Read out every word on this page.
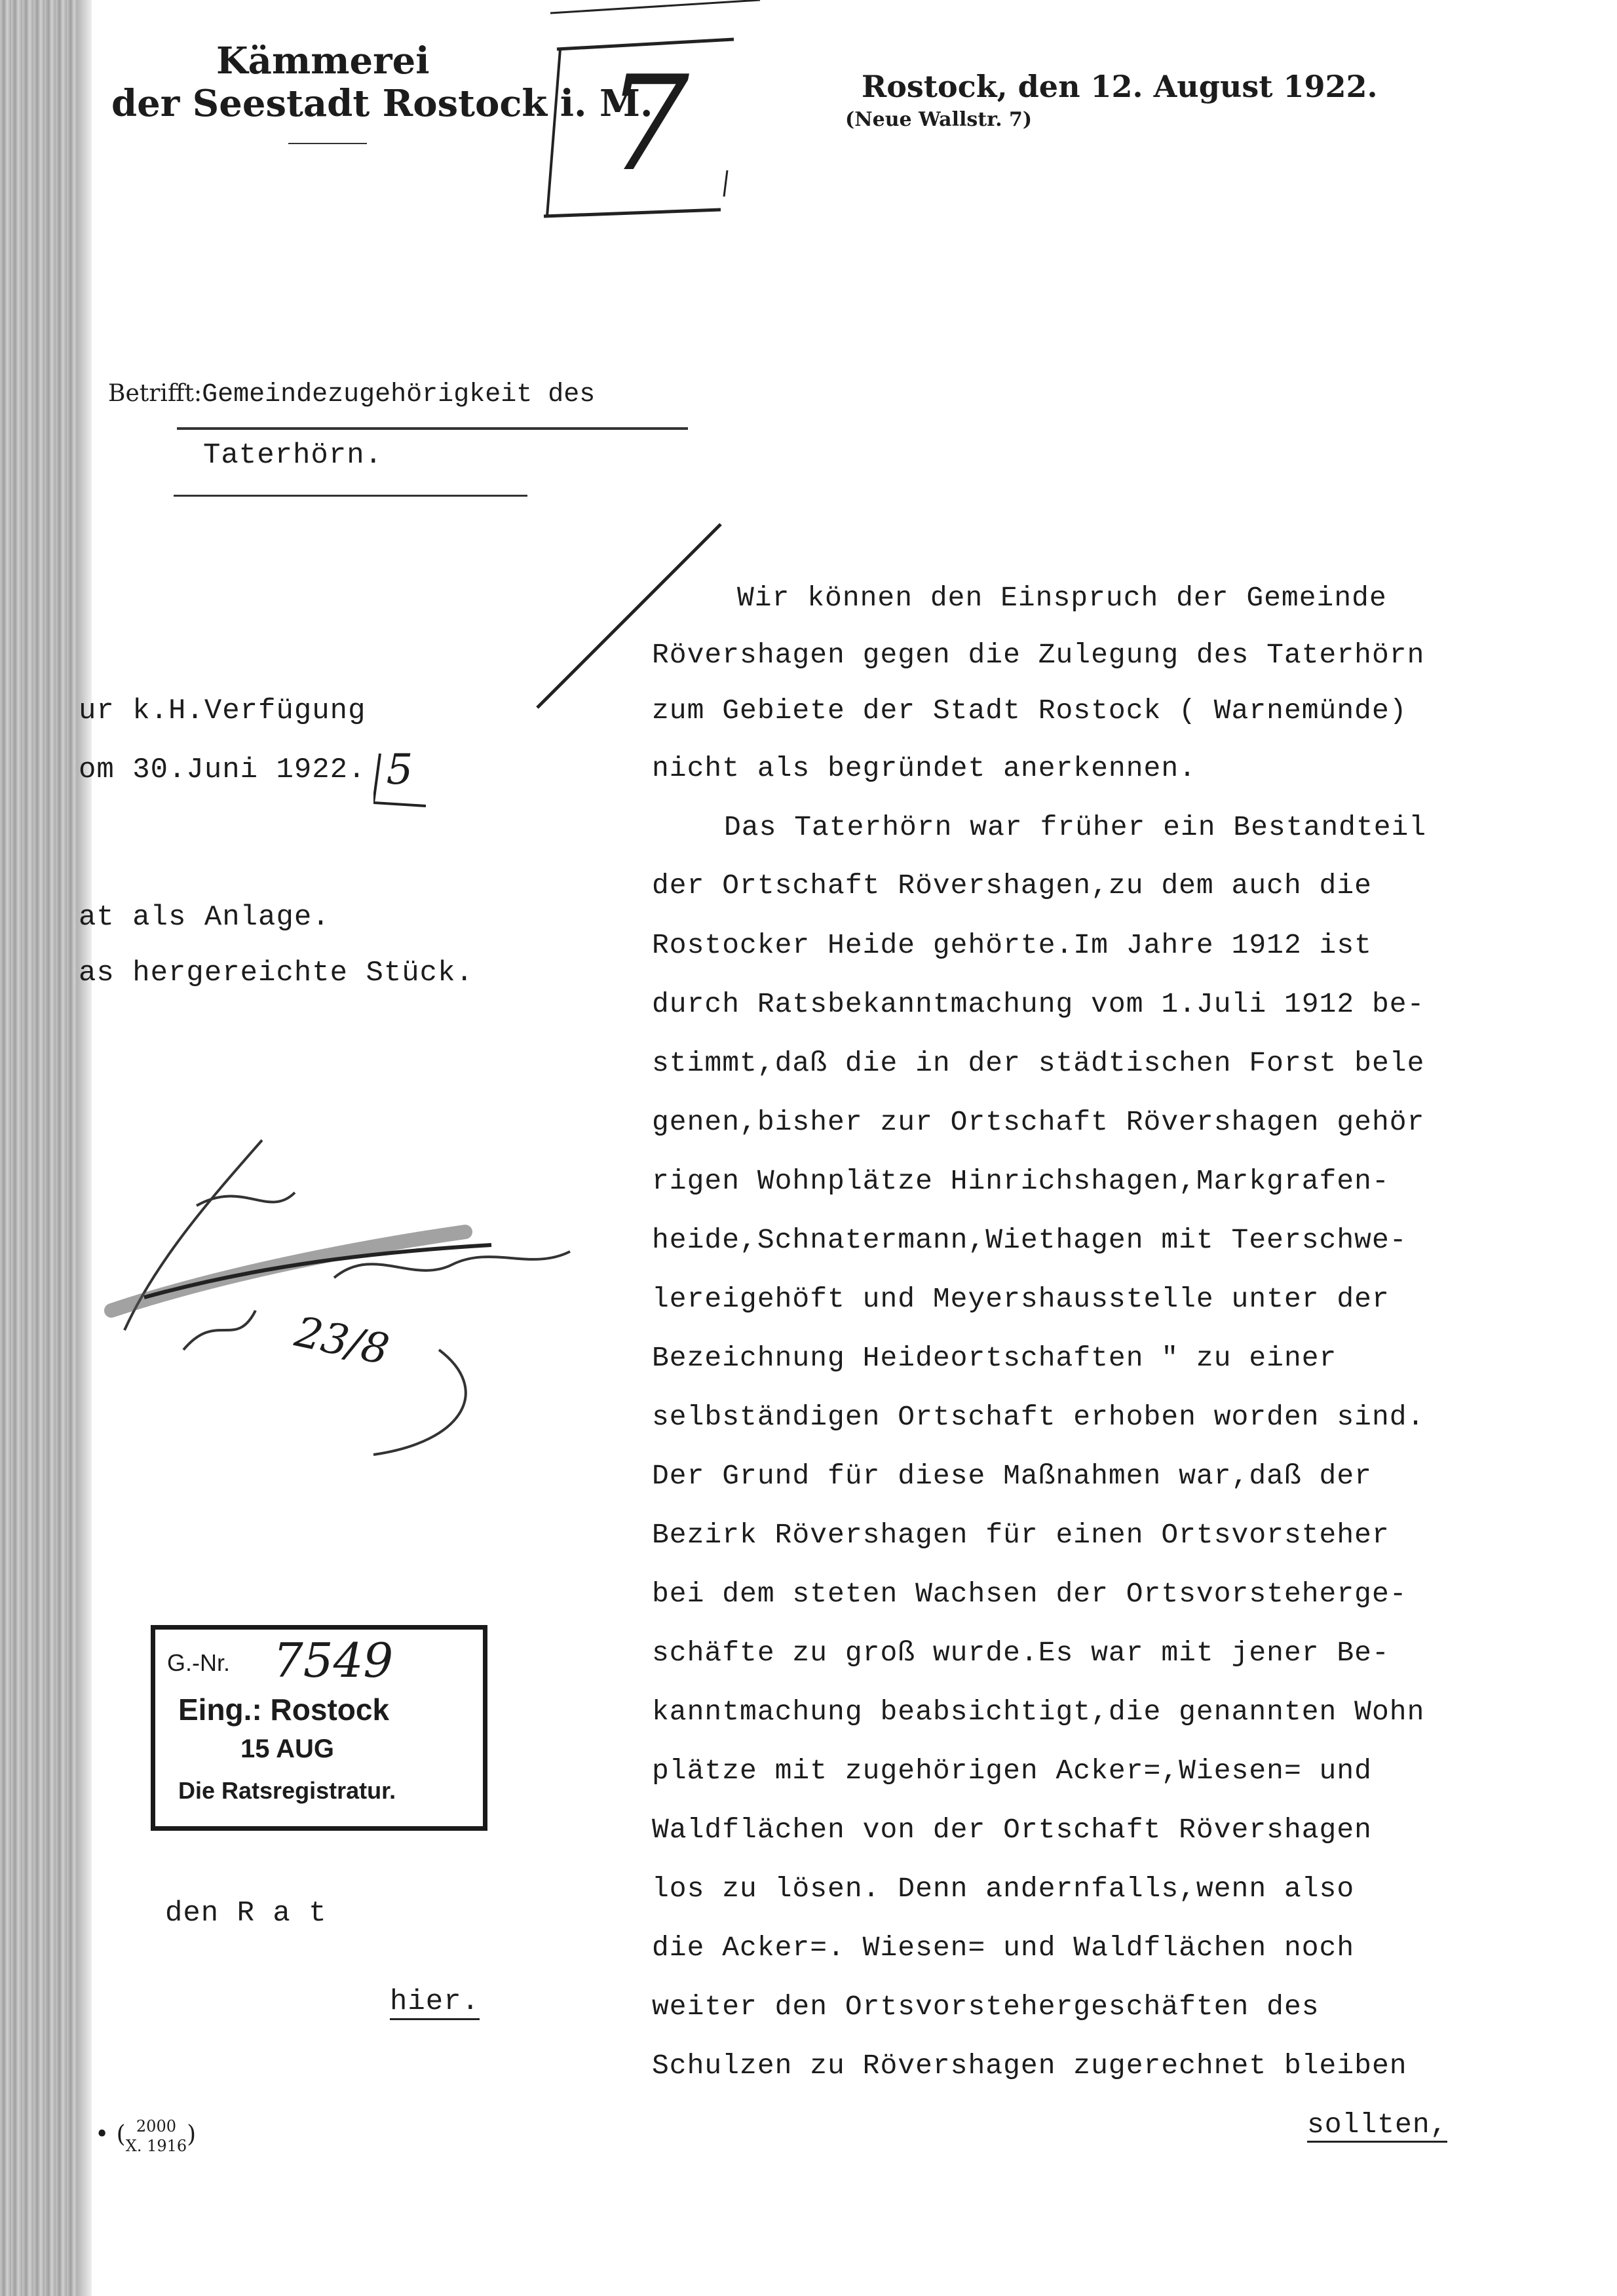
Kämmerei
der Seestadt Rostock i. M.	Rostock, den 12. August 1922.
(Neue Wallstr. 7)
7
Betrifft:Gemeindezugehörigkeit des
Taterhörn.
ur k.H.Verfügung
om 30.Juni 1922. 5
at als Anlage.
as hergereichte Stück.
23/8
G.-Nr. 7549
Eing.: Rostock
15 AUG
Die Ratsregistratur.
den R a t
hier.
• ( 2000
X. 1916)
Wir können den Einspruch der Gemeinde
Rövershagen gegen die Zulegung des Taterhörn
zum Gebiete der Stadt Rostock ( Warnemünde)
nicht als begründet anerkennen.
Das Taterhörn war früher ein Bestandteil
der Ortschaft Rövershagen,zu dem auch die
Rostocker Heide gehörte.Im Jahre 1912 ist
durch Ratsbekanntmachung vom 1.Juli 1912 be-
stimmt,daß die in der städtischen Forst bele
genen,bisher zur Ortschaft Rövershagen gehör
rigen Wohnplätze Hinrichshagen,Markgrafen-
heide,Schnatermann,Wiethagen mit Teerschwe-
lereigehöft und Meyershausstelle unter der
Bezeichnung Heideortschaften " zu einer
selbständigen Ortschaft erhoben worden sind.
Der Grund für diese Maßnahmen war,daß der
Bezirk Rövershagen für einen Ortsvorsteher
bei dem steten Wachsen der Ortsvorstehergе-
schäfte zu groß wurde.Es war mit jener Be-
kanntmachung beabsichtigt,die genannten Wohn
plätze mit zugehörigen Acker=,Wiesen= und
Waldflächen von der Ortschaft Rövershagen
los zu lösen. Denn andernfalls,wenn also
die Acker=. Wiesen= und Waldflächen noch
weiter den Ortsvorstehergeschäften des
Schulzen zu Rövershagen zugerechnet bleiben
sollten,
